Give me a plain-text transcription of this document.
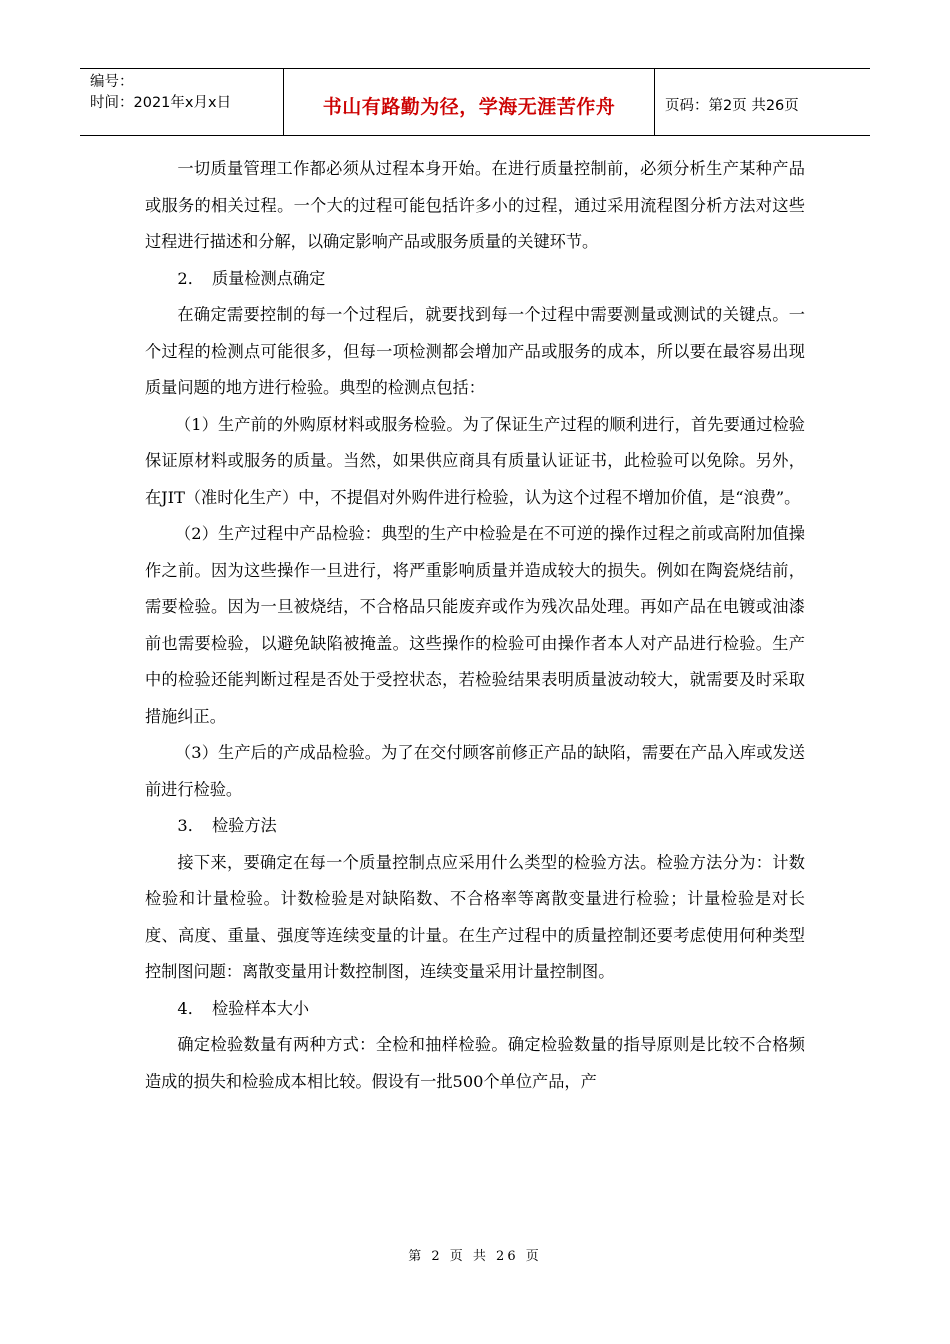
编号：
时间：2021年x月x日	书山有路勤为径，学海无涯苦作舟	页码：第2页 共26页

一切质量管理工作都必须从过程本身开始。在进行质量控制前，必须分析生产某种产品或服务的相关过程。一个大的过程可能包括许多小的过程，通过采用流程图分析方法对这些过程进行描述和分解，以确定影响产品或服务质量的关键环节。

2．　质量检测点确定

在确定需要控制的每一个过程后，就要找到每一个过程中需要测量或测试的关键点。一个过程的检测点可能很多，但每一项检测都会增加产品或服务的成本，所以要在最容易出现质量问题的地方进行检验。典型的检测点包括：

（1）生产前的外购原材料或服务检验。为了保证生产过程的顺利进行，首先要通过检验保证原材料或服务的质量。当然，如果供应商具有质量认证证书，此检验可以免除。另外，在JIT（准时化生产）中，不提倡对外购件进行检验，认为这个过程不增加价值，是“浪费”。

（2）生产过程中产品检验：典型的生产中检验是在不可逆的操作过程之前或高附加值操作之前。因为这些操作一旦进行，将严重影响质量并造成较大的损失。例如在陶瓷烧结前，需要检验。因为一旦被烧结，不合格品只能废弃或作为残次品处理。再如产品在电镀或油漆前也需要检验，以避免缺陷被掩盖。这些操作的检验可由操作者本人对产品进行检验。生产中的检验还能判断过程是否处于受控状态，若检验结果表明质量波动较大，就需要及时采取措施纠正。

（3）生产后的产成品检验。为了在交付顾客前修正产品的缺陷，需要在产品入库或发送前进行检验。

3．　检验方法

接下来，要确定在每一个质量控制点应采用什么类型的检验方法。检验方法分为：计数检验和计量检验。计数检验是对缺陷数、不合格率等离散变量进行检验；计量检验是对长度、高度、重量、强度等连续变量的计量。在生产过程中的质量控制还要考虑使用何种类型控制图问题：离散变量用计数控制图，连续变量采用计量控制图。

4．　检验样本大小

确定检验数量有两种方式：全检和抽样检验。确定检验数量的指导原则是比较不合格频造成的损失和检验成本相比较。假设有一批500个单位产品，产

第 2 页 共 26 页
